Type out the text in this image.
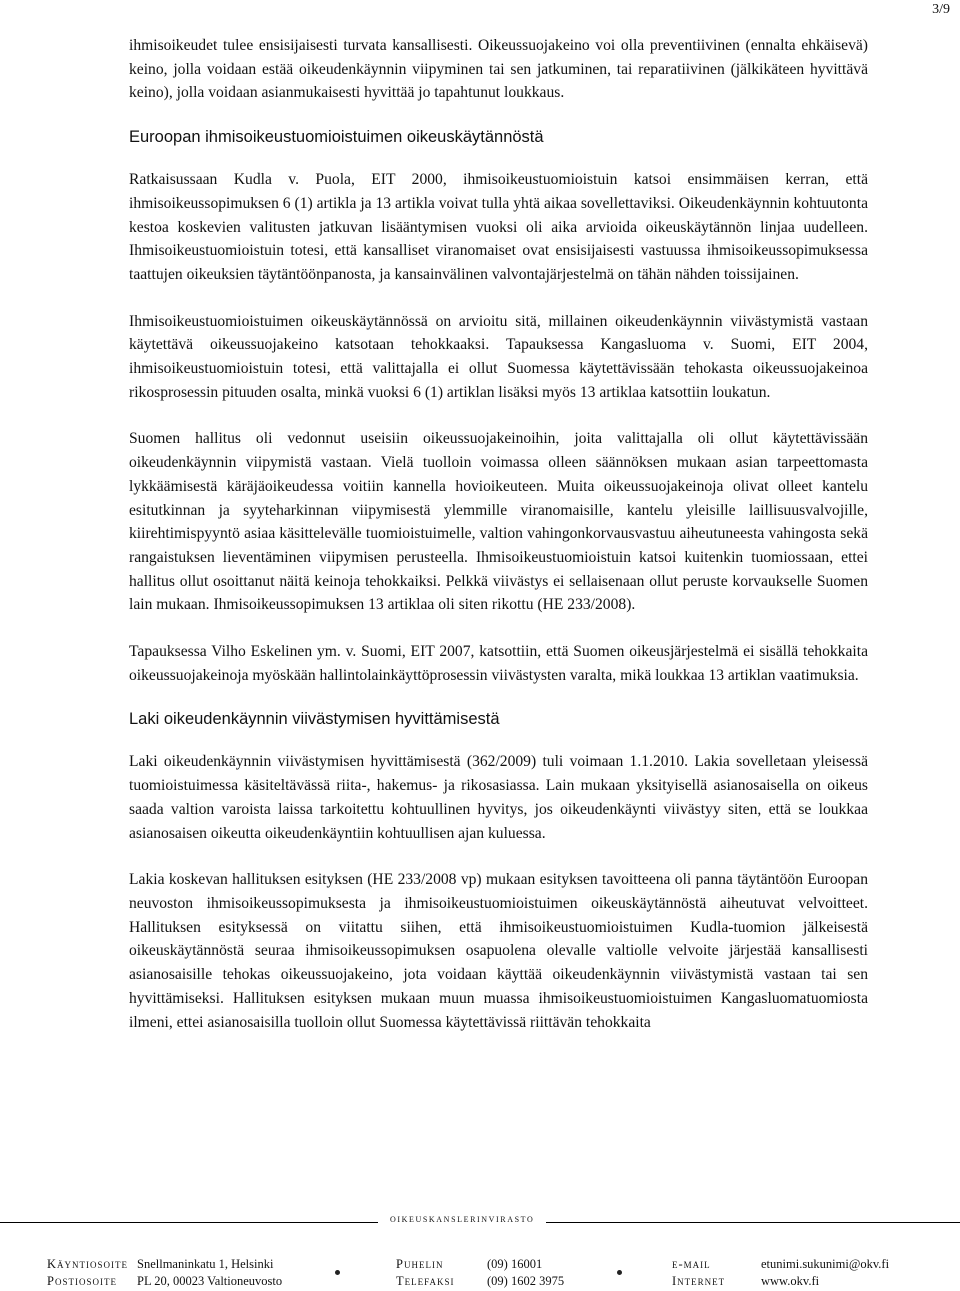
3/9

ihmisoikeudet tulee ensisijaisesti turvata kansallisesti. Oikeussuojakeino voi olla preventiivinen (ennalta ehkäisevä) keino, jolla voidaan estää oikeudenkäynnin viipyminen tai sen jatkuminen, tai reparatiivinen (jälkikäteen hyvittävä keino), jolla voidaan asianmukaisesti hyvittää jo tapahtunut loukkaus.

Euroopan ihmisoikeustuomioistuimen oikeuskäytännöstä

Ratkaisussaan Kudla v. Puola, EIT 2000, ihmisoikeustuomioistuin katsoi ensimmäisen kerran, että ihmisoikeussopimuksen 6 (1) artikla ja 13 artikla voivat tulla yhtä aikaa sovellettaviksi. Oikeudenkäynnin kohtuutonta kestoa koskevien valitusten jatkuvan lisääntymisen vuoksi oli aika arvioida oikeuskäytännön linjaa uudelleen. Ihmisoikeustuomioistuin totesi, että kansalliset viranomaiset ovat ensisijaisesti vastuussa ihmisoikeussopimuksessa taattujen oikeuksien täytäntöönpanosta, ja kansainvälinen valvontajärjestelmä on tähän nähden toissijainen.

Ihmisoikeustuomioistuimen oikeuskäytännössä on arvioitu sitä, millainen oikeudenkäynnin viivästymistä vastaan käytettävä oikeussuojakeino katsotaan tehokkaaksi. Tapauksessa Kangasluoma v. Suomi, EIT 2004, ihmisoikeustuomioistuin totesi, että valittajalla ei ollut Suomessa käytettävissään tehokasta oikeussuojakeinoa rikosprosessin pituuden osalta, minkä vuoksi 6 (1) artiklan lisäksi myös 13 artiklaa katsottiin loukatun.

Suomen hallitus oli vedonnut useisiin oikeussuojakeinoihin, joita valittajalla oli ollut käytettävissään oikeudenkäynnin viipymistä vastaan. Vielä tuolloin voimassa olleen säännöksen mukaan asian tarpeettomasta lykkäämisestä käräjäoikeudessa voitiin kannella hovioikeuteen. Muita oikeussuojakeinoja olivat olleet kantelu esitutkinnan ja syyteharkinnan viipymisestä ylemmille viranomaisille, kantelu yleisille laillisuusvalvojille, kiirehtimispyyntö asiaa käsittelevälle tuomioistuimelle, valtion vahingonkorvausvastuu aiheutuneesta vahingosta sekä rangaistuksen lieventäminen viipymisen perusteella. Ihmisoikeustuomioistuin katsoi kuitenkin tuomiossaan, ettei hallitus ollut osoittanut näitä keinoja tehokkaiksi. Pelkkä viivästys ei sellaisenaan ollut peruste korvaukselle Suomen lain mukaan. Ihmisoikeussopimuksen 13 artiklaa oli siten rikottu (HE 233/2008).

Tapauksessa Vilho Eskelinen ym. v. Suomi, EIT 2007, katsottiin, että Suomen oikeusjärjestelmä ei sisällä tehokkaita oikeussuojakeinoja myöskään hallintolainkäyttöprosessin viivästysten varalta, mikä loukkaa 13 artiklan vaatimuksia.

Laki oikeudenkäynnin viivästymisen hyvittämisestä

Laki oikeudenkäynnin viivästymisen hyvittämisestä (362/2009) tuli voimaan 1.1.2010. Lakia sovelletaan yleisessä tuomioistuimessa käsiteltävässä riita-, hakemus- ja rikosasiassa. Lain mukaan yksityisellä asianosaisella on oikeus saada valtion varoista laissa tarkoitettu kohtuullinen hyvitys, jos oikeudenkäynti viivästyy siten, että se loukkaa asianosaisen oikeutta oikeudenkäyntiin kohtuullisen ajan kuluessa.

Lakia koskevan hallituksen esityksen (HE 233/2008 vp) mukaan esityksen tavoitteena oli panna täytäntöön Euroopan neuvoston ihmisoikeussopimuksesta ja ihmisoikeustuomioistuimen oikeuskäytännöstä aiheutuvat velvoitteet. Hallituksen esityksessä on viitattu siihen, että ihmisoikeustuomioistuimen Kudla-tuomion jälkeisestä oikeuskäytännöstä seuraa ihmisoikeussopimuksen osapuolena olevalle valtiolle velvoite järjestää kansallisesti asianosaisille tehokas oikeussuojakeino, jota voidaan käyttää oikeudenkäynnin viivästymistä vastaan tai sen hyvittämiseksi. Hallituksen esityksen mukaan muun muassa ihmisoikeustuomioistuimen Kangasluomatuomiosta ilmeni, ettei asianosaisilla tuolloin ollut Suomessa käytettävissä riittävän tehokkaita

oikeuskanslerinvirasto
Käyntiosoite Snellmaninkatu 1, Helsinki	Puhelin	(09) 16001	e-mail	etunimi.sukunimi@okv.fi
Postiosoite PL 20, 00023 Valtioneuvosto	Telefaksi	(09) 1602 3975	Internet	www.okv.fi
